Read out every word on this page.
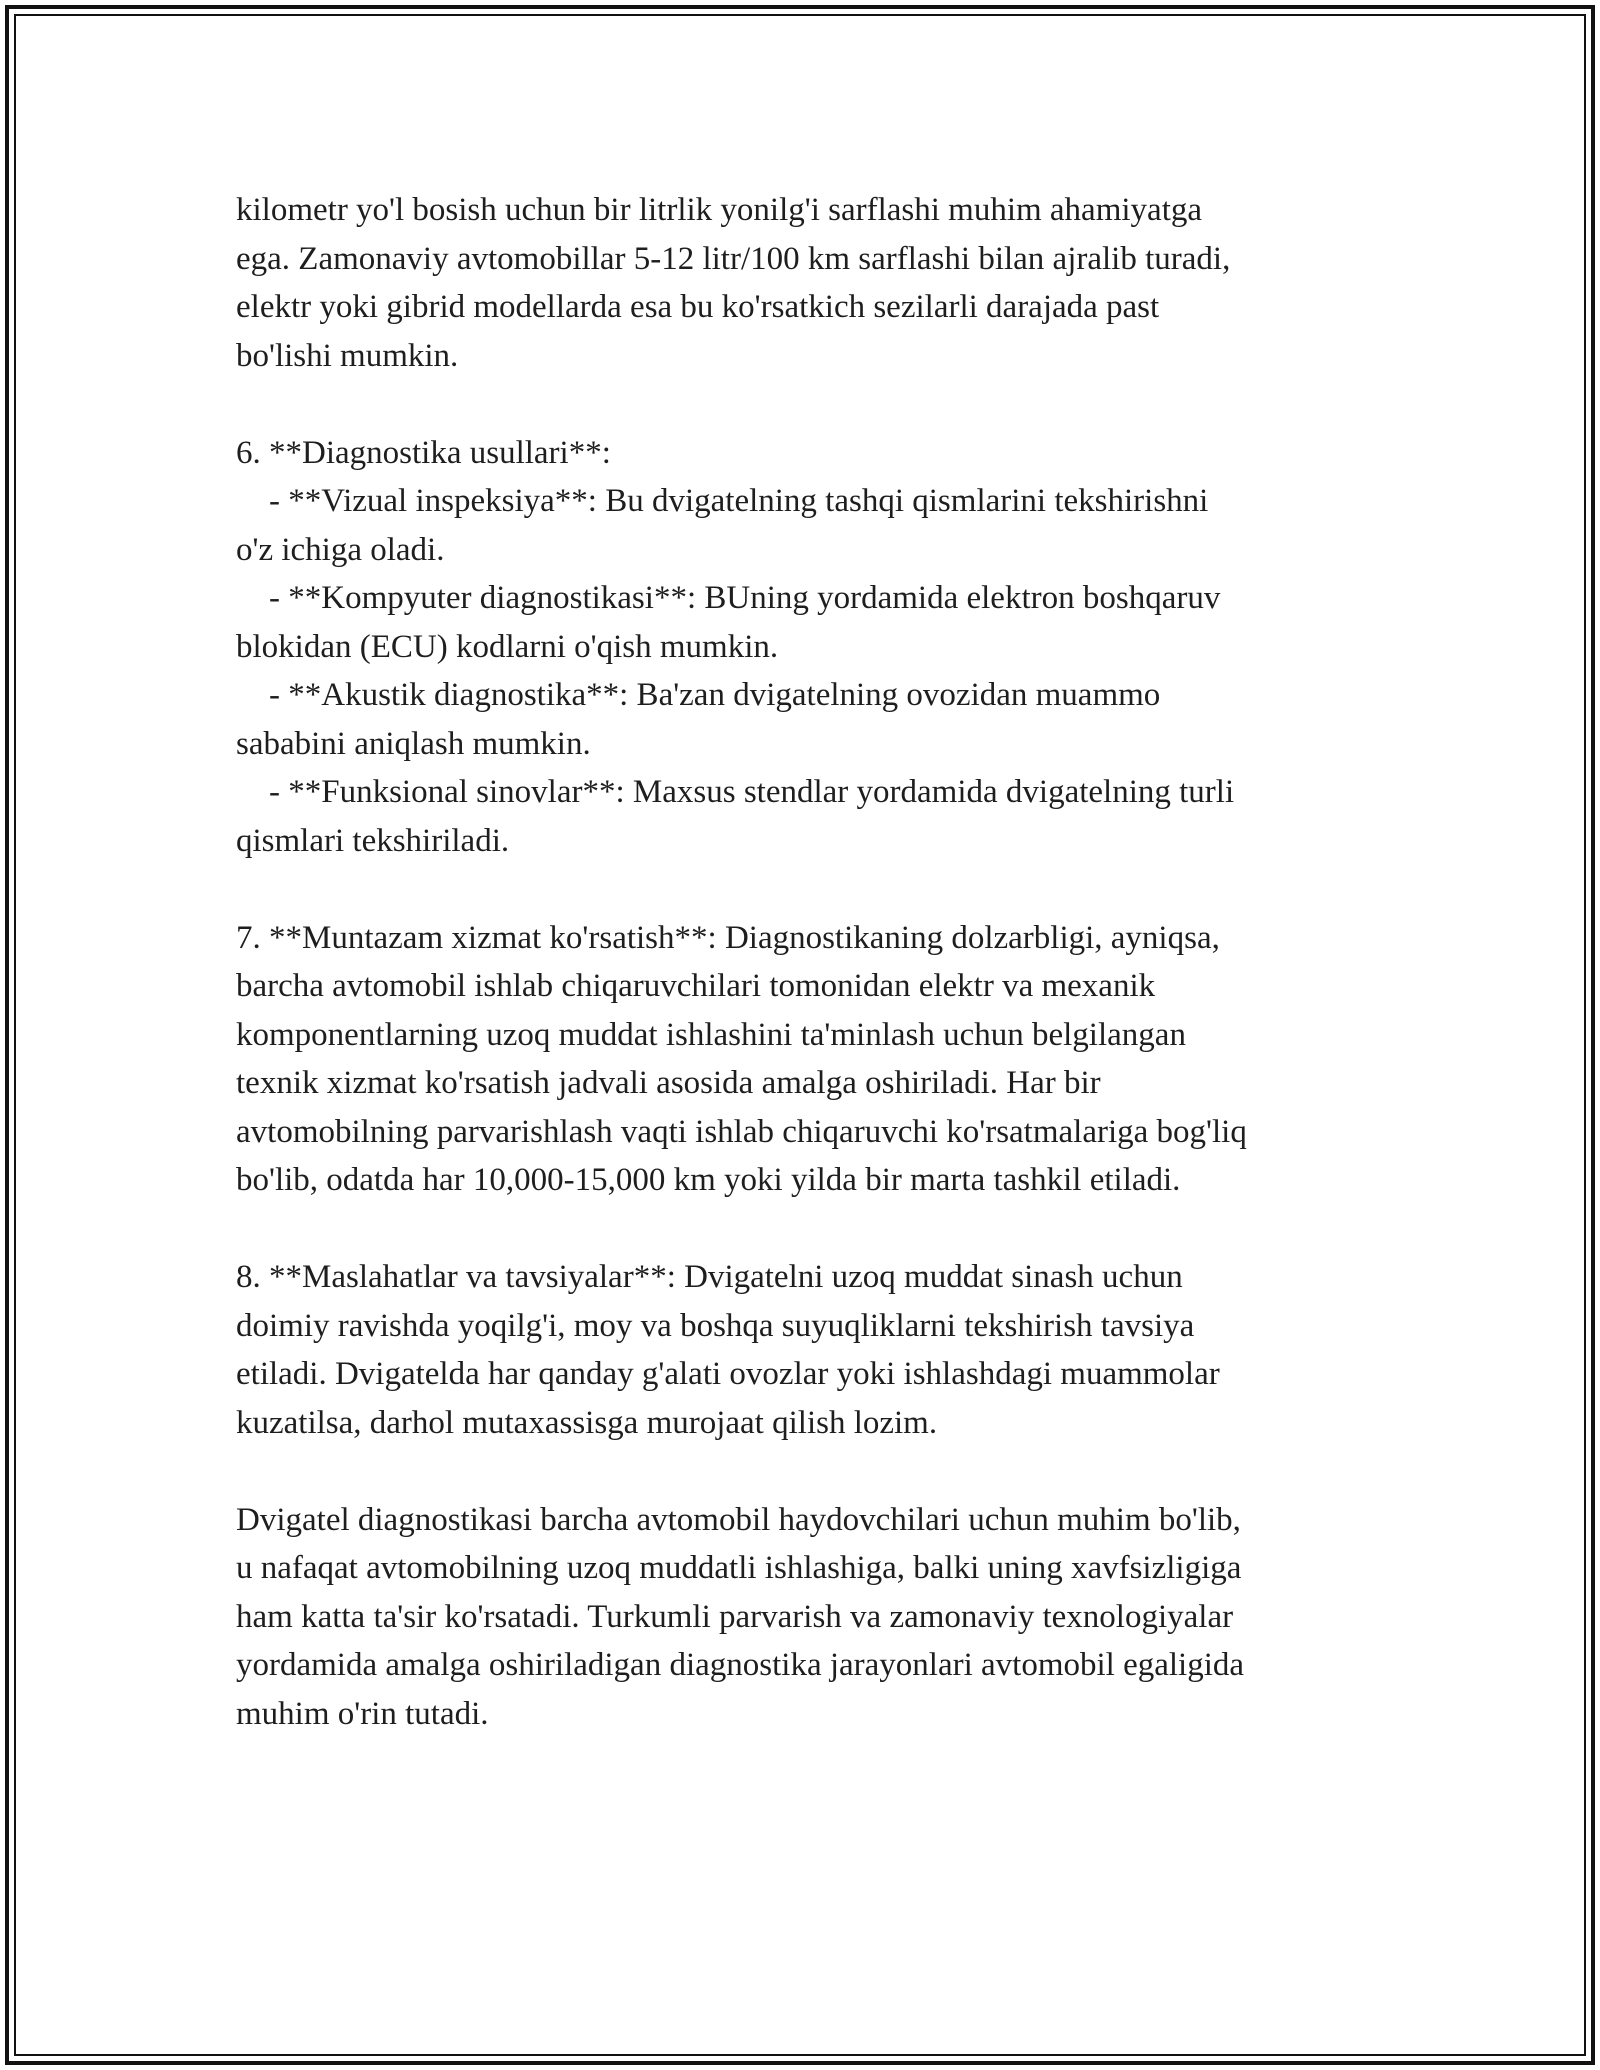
kilometr yo'l bosish uchun bir litrlik yonilg'i sarflashi muhim ahamiyatga
ega. Zamonaviy avtomobillar 5-12 litr/100 km sarflashi bilan ajralib turadi,
elektr yoki gibrid modellarda esa bu ko'rsatkich sezilarli darajada past
bo'lishi mumkin.
6. **Diagnostika usullari**:
- **Vizual inspeksiya**: Bu dvigatelning tashqi qismlarini tekshirishni
o'z ichiga oladi.
- **Kompyuter diagnostikasi**: BUning yordamida elektron boshqaruv
blokidan (ECU) kodlarni o'qish mumkin.
- **Akustik diagnostika**: Ba'zan dvigatelning ovozidan muammo
sababini aniqlash mumkin.
- **Funksional sinovlar**: Maxsus stendlar yordamida dvigatelning turli
qismlari tekshiriladi.
7. **Muntazam xizmat ko'rsatish**: Diagnostikaning dolzarbligi, ayniqsa,
barcha avtomobil ishlab chiqaruvchilari tomonidan elektr va mexanik
komponentlarning uzoq muddat ishlashini ta'minlash uchun belgilangan
texnik xizmat ko'rsatish jadvali asosida amalga oshiriladi. Har bir
avtomobilning parvarishlash vaqti ishlab chiqaruvchi ko'rsatmalariga bog'liq
bo'lib, odatda har 10,000-15,000 km yoki yilda bir marta tashkil etiladi.
8. **Maslahatlar va tavsiyalar**: Dvigatelni uzoq muddat sinash uchun
doimiy ravishda yoqilg'i, moy va boshqa suyuqliklarni tekshirish tavsiya
etiladi. Dvigatelda har qanday g'alati ovozlar yoki ishlashdagi muammolar
kuzatilsa, darhol mutaxassisga murojaat qilish lozim.
Dvigatel diagnostikasi barcha avtomobil haydovchilari uchun muhim bo'lib,
u nafaqat avtomobilning uzoq muddatli ishlashiga, balki uning xavfsizligiga
ham katta ta'sir ko'rsatadi. Turkumli parvarish va zamonaviy texnologiyalar
yordamida amalga oshiriladigan diagnostika jarayonlari avtomobil egaligida
muhim o'rin tutadi.
